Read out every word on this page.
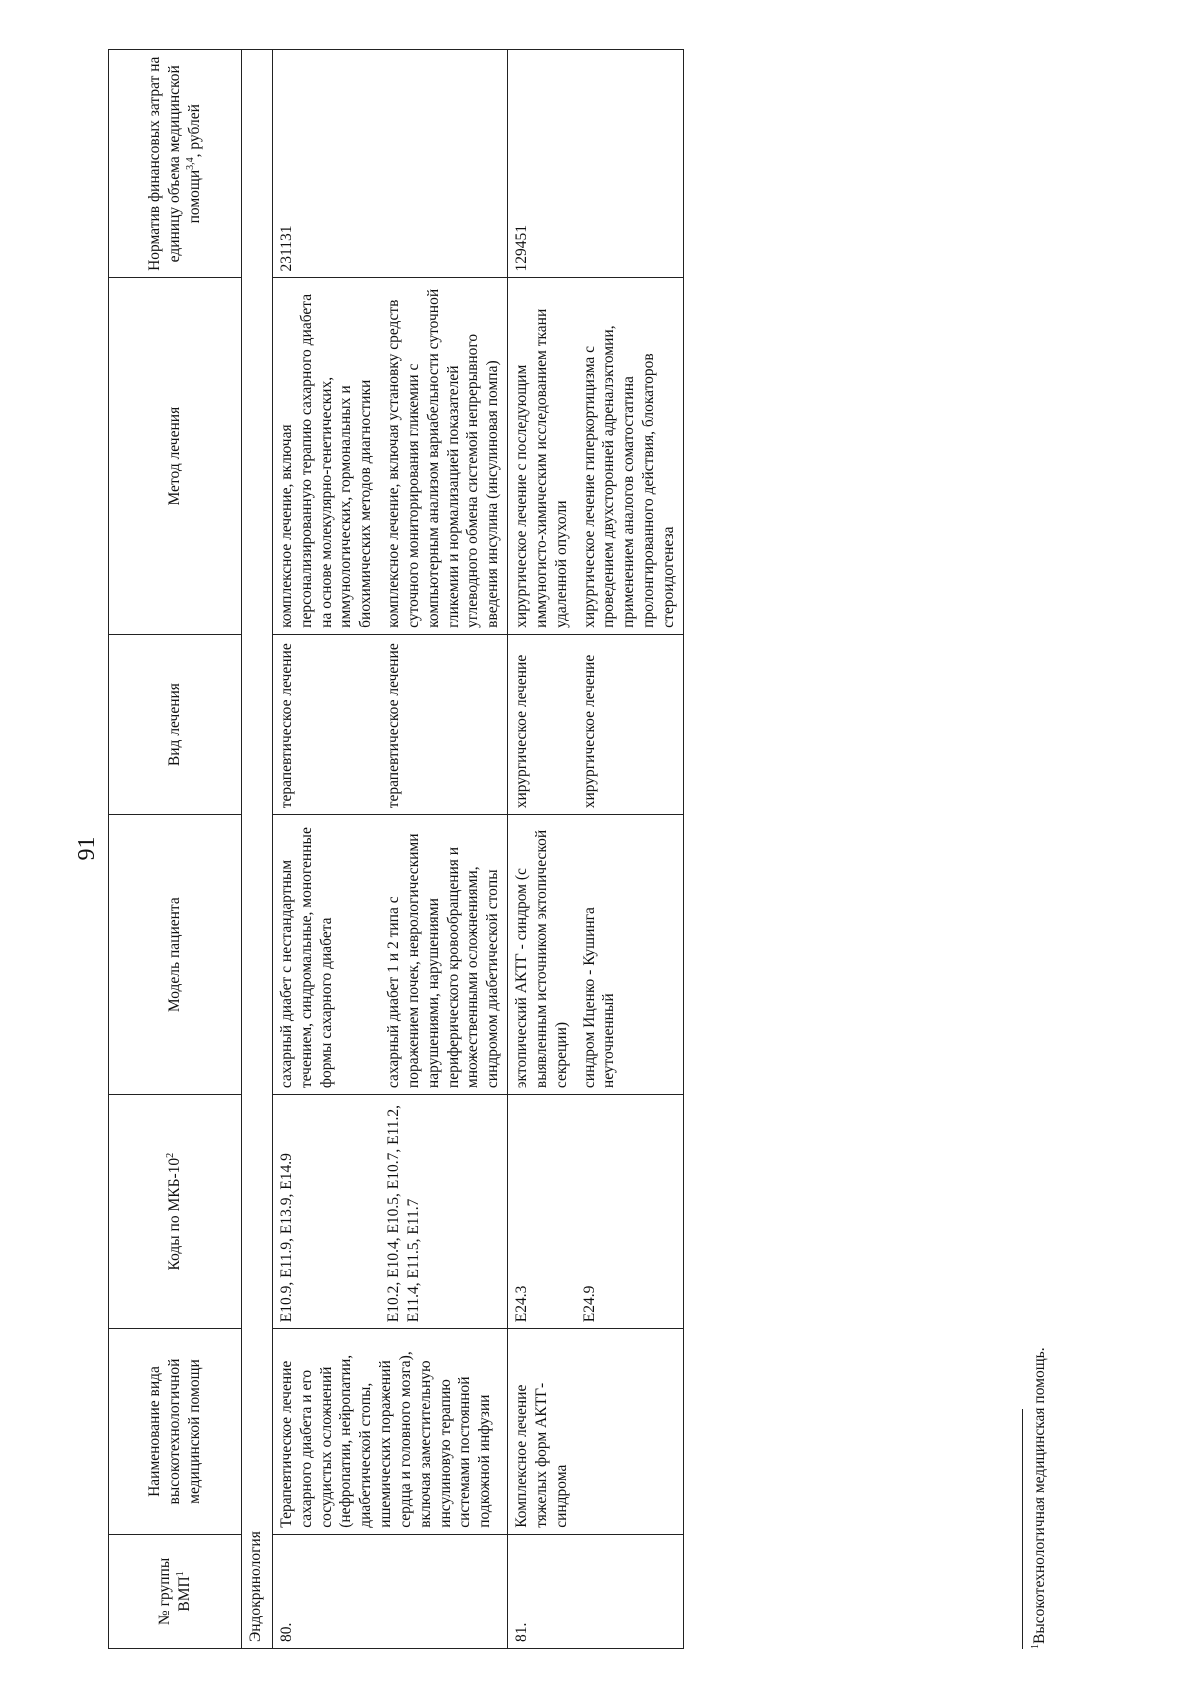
91
№ группы ВМП$^1$	Наименование вида высокотехнологичной медицинской помощи	Коды по МКБ-$10^2$	Модель пациента	Вид лечения	Метод лечения	Норматив финансовых затрат на единицу объема медицинской помощи$^{3,4}$, рублей
Эндокринология						
80.	Терапевтическое лечение сахарного диабета и его сосудистых осложнений (нефропатии, нейропатии, диабетической стопы, ишемических поражений сердца и головного мозга), включая заместительную инсулиновую терапию системами постоянной подкожной инфузии	E10.9, E11.9, E13.9, E14.9	сахарный диабет с нестандартным течением, синдромальные, моногенные формы сахарного диабета	терапевтическое лечение	комплексное лечение, включая персонализированную терапию сахарного диабета на основе молекулярно-генетических, иммунологических, гормональных и биохимических методов диагностики	231131
		E10.2, E10.4, E10.5, E10.7, E11.2, E11.4, E11.5, E11.7	сахарный диабет 1 и 2 типа с поражением почек, неврологическими нарушениями, нарушениями периферического кровообращения и множественными осложнениями, синдромом диабетической стопы	терапевтическое лечение	комплексное лечение, включая установку средств суточного мониторирования гликемии с компьютерным анализом вариабельности суточной гликемии и нормализацией показателей углеводного обмена системой непрерывного введения инсулина (инсулиновая помпа)	
81.	Комплексное лечение тяжелых форм АКТГ-синдрома	E24.3	эктопический АКТГ - синдром (с выявленным источником эктопической секреции)	хирургическое лечение	хирургическое лечение с последующим иммуногисто-химическим исследованием ткани удаленной опухоли	129451
		E24.9	синдром Иценко - Кушинга неуточненный	хирургическое лечение	хирургическое лечение гиперкортицизма с проведением двухсторонней адреналэктомии, применением аналогов соматостатина пролонгированного действия, блокаторов стероидогенеза	
$^1$Высокотехнологичная медицинская помощь.
